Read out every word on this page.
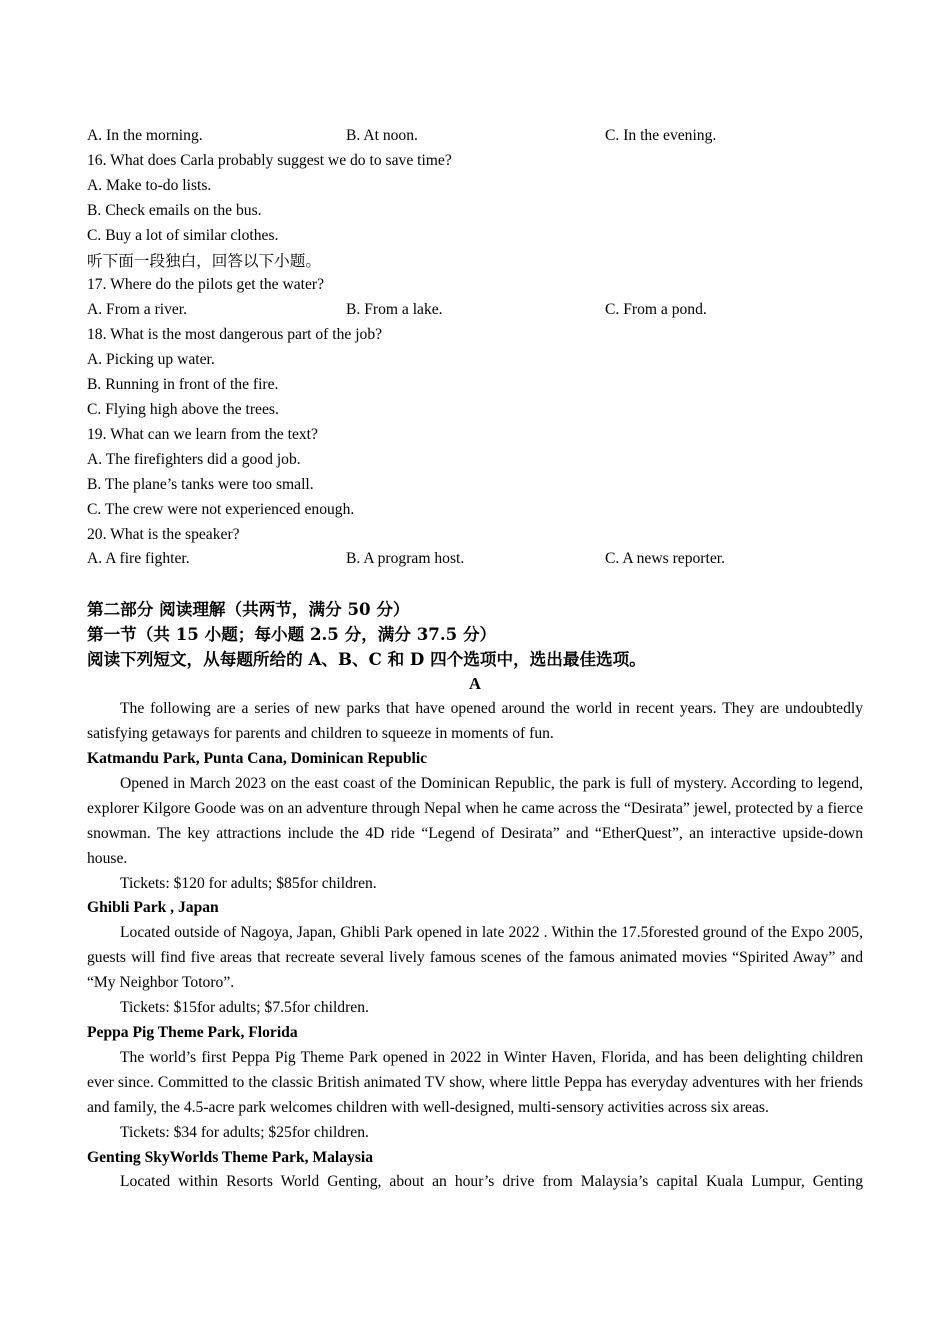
A. In the morning.	B. At noon.	C. In the evening.
16. What does Carla probably suggest we do to save time?
A. Make to-do lists.
B. Check emails on the bus.
C. Buy a lot of similar clothes.
听下面一段独白，回答以下小题。
17. Where do the pilots get the water?
A. From a river.	B. From a lake.	C. From a pond.
18. What is the most dangerous part of the job?
A. Picking up water.
B. Running in front of the fire.
C. Flying high above the trees.
19. What can we learn from the text?
A. The firefighters did a good job.
B. The plane’s tanks were too small.
C. The crew were not experienced enough.
20. What is the speaker?
A. A fire fighter.	B. A program host.	C. A news reporter.
第二部分 阅读理解（共两节，满分 50 分）
第一节（共 15 小题；每小题 2.5 分，满分 37.5 分）
阅读下列短文，从每题所给的 A、B、C 和 D 四个选项中，选出最佳选项。
A
The following are a series of new parks that have opened around the world in recent years. They are undoubtedly satisfying getaways for parents and children to squeeze in moments of fun.
Katmandu Park, Punta Cana, Dominican Republic
Opened in March 2023 on the east coast of the Dominican Republic, the park is full of mystery. According to legend, explorer Kilgore Goode was on an adventure through Nepal when he came across the “Desirata” jewel, protected by a fierce snowman. The key attractions include the 4D ride “Legend of Desirata” and “EtherQuest”, an interactive upside-down house.
Tickets: $120 for adults; $85for children.
Ghibli Park , Japan
Located outside of Nagoya, Japan, Ghibli Park opened in late 2022 . Within the 17.5forested ground of the Expo 2005, guests will find five areas that recreate several lively famous scenes of the famous animated movies “Spirited Away” and “My Neighbor Totoro”.
Tickets: $15for adults; $7.5for children.
Peppa Pig Theme Park, Florida
The world’s first Peppa Pig Theme Park opened in 2022 in Winter Haven, Florida, and has been delighting children ever since. Committed to the classic British animated TV show, where little Peppa has everyday adventures with her friends and family, the 4.5-acre park welcomes children with well-designed, multi-sensory activities across six areas.
Tickets: $34 for adults; $25for children.
Genting SkyWorlds Theme Park, Malaysia
Located within Resorts World Genting, about an hour’s drive from Malaysia’s capital Kuala Lumpur, Genting
